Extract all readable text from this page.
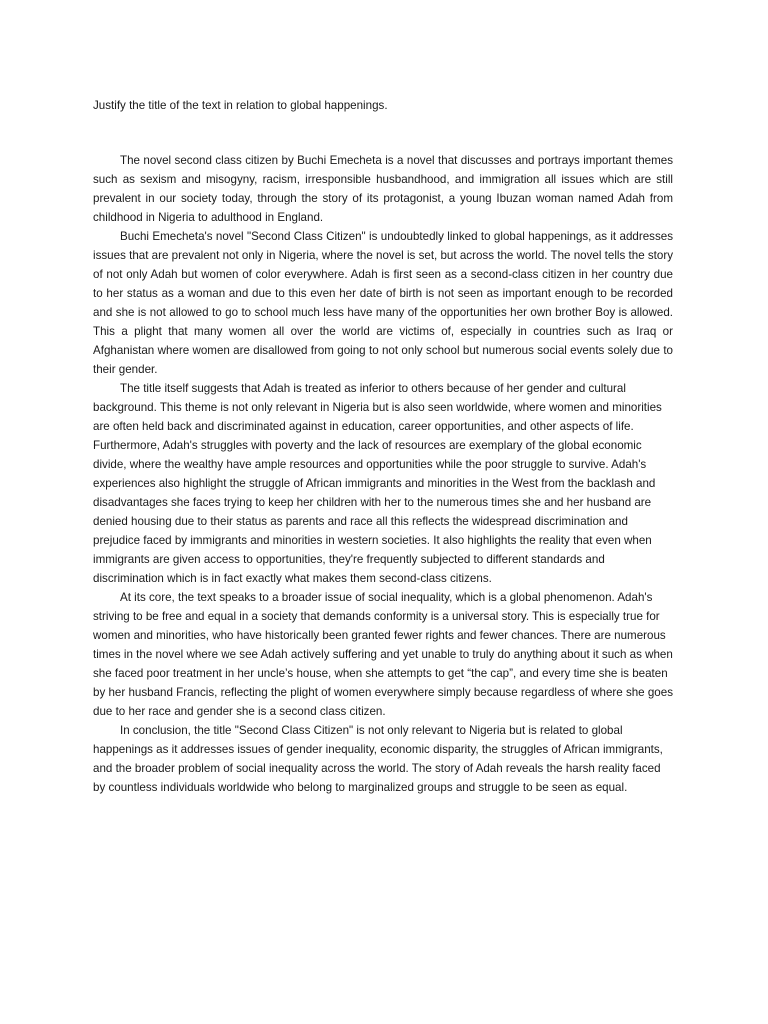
Justify the title of the text in relation to global happenings.

The novel second class citizen by Buchi Emecheta is a novel that discusses and portrays important themes such as sexism and misogyny, racism, irresponsible husbandhood, and immigration all issues which are still prevalent in our society today, through the story of its protagonist, a young Ibuzan woman named Adah from childhood in Nigeria to adulthood in England.

Buchi Emecheta's novel "Second Class Citizen" is undoubtedly linked to global happenings, as it addresses issues that are prevalent not only in Nigeria, where the novel is set, but across the world. The novel tells the story of not only Adah but women of color everywhere. Adah is first seen as a second-class citizen in her country due to her status as a woman and due to this even her date of birth is not seen as important enough to be recorded and she is not allowed to go to school much less have many of the opportunities her own brother Boy is allowed. This a plight that many women all over the world are victims of, especially in countries such as Iraq or Afghanistan where women are disallowed from going to not only school but numerous social events solely due to their gender.

The title itself suggests that Adah is treated as inferior to others because of her gender and cultural background. This theme is not only relevant in Nigeria but is also seen worldwide, where women and minorities are often held back and discriminated against in education, career opportunities, and other aspects of life. Furthermore, Adah's struggles with poverty and the lack of resources are exemplary of the global economic divide, where the wealthy have ample resources and opportunities while the poor struggle to survive. Adah's experiences also highlight the struggle of African immigrants and minorities in the West from the backlash and disadvantages she faces trying to keep her children with her to the numerous times she and her husband are denied housing due to their status as parents and race all this reflects the widespread discrimination and prejudice faced by immigrants and minorities in western societies. It also highlights the reality that even when immigrants are given access to opportunities, they're frequently subjected to different standards and discrimination which is in fact exactly what makes them second-class citizens.

At its core, the text speaks to a broader issue of social inequality, which is a global phenomenon. Adah's striving to be free and equal in a society that demands conformity is a universal story. This is especially true for women and minorities, who have historically been granted fewer rights and fewer chances. There are numerous times in the novel where we see Adah actively suffering and yet unable to truly do anything about it such as when she faced poor treatment in her uncle’s house, when she attempts to get “the cap”, and every time she is beaten by her husband Francis, reflecting the plight of women everywhere simply because regardless of where she goes due to her race and gender she is a second class citizen.

In conclusion, the title "Second Class Citizen" is not only relevant to Nigeria but is related to global happenings as it addresses issues of gender inequality, economic disparity, the struggles of African immigrants, and the broader problem of social inequality across the world. The story of Adah reveals the harsh reality faced by countless individuals worldwide who belong to marginalized groups and struggle to be seen as equal.
